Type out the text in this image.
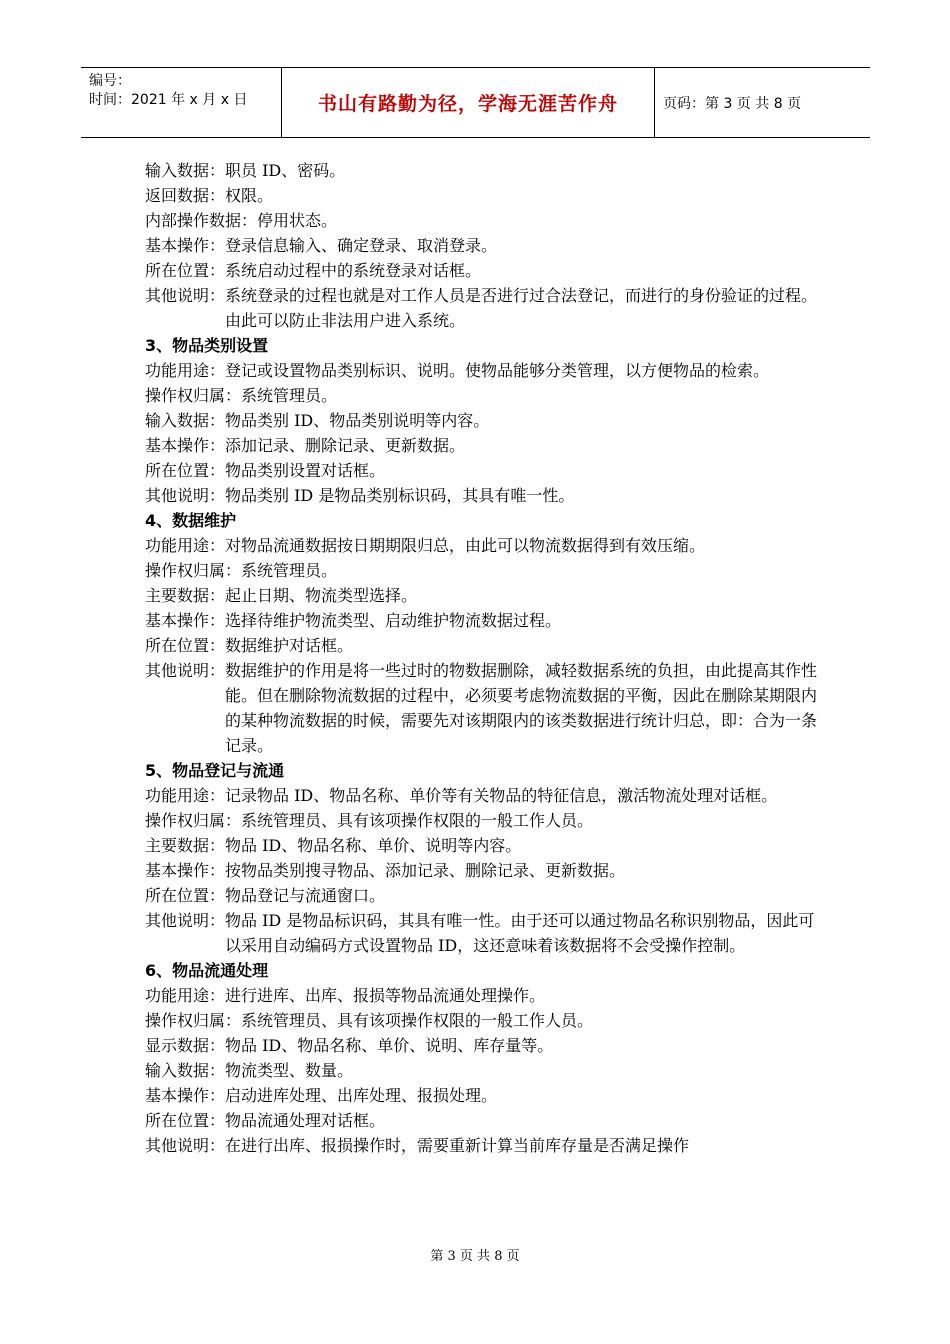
编号：
时间：2021 年 x 月 x 日	书山有路勤为径，学海无涯苦作舟	页码：第 3 页 共 8 页
输入数据： 职员 ID、密码。
返回数据： 权限。
内部操作数据： 停用状态。
基本操作： 登录信息输入、确定登录、取消登录。
所在位置： 系统启动过程中的系统登录对话框。
其他说明： 系统登录的过程也就是对工作人员是否进行过合法登记，而进行的身份验证的过程。由此可以防止非法用户进入系统。
3、物品类别设置
功能用途： 登记或设置物品类别标识、说明。使物品能够分类管理，以方便物品的检索。
操作权归属： 系统管理员。
输入数据： 物品类别 ID、物品类别说明等内容。
基本操作： 添加记录、删除记录、更新数据。
所在位置： 物品类别设置对话框。
其他说明： 物品类别 ID 是物品类别标识码，其具有唯一性。
4、数据维护
功能用途： 对物品流通数据按日期期限归总，由此可以物流数据得到有效压缩。
操作权归属： 系统管理员。
主要数据： 起止日期、物流类型选择。
基本操作： 选择待维护物流类型、启动维护物流数据过程。
所在位置： 数据维护对话框。
其他说明： 数据维护的作用是将一些过时的物数据删除，减轻数据系统的负担，由此提高其作性能。但在删除物流数据的过程中，必须要考虑物流数据的平衡，因此在删除某期限内的某种物流数据的时候，需要先对该期限内的该类数据进行统计归总，即：合为一条记录。
5、物品登记与流通
功能用途： 记录物品 ID、物品名称、单价等有关物品的特征信息，激活物流处理对话框。
操作权归属： 系统管理员、具有该项操作权限的一般工作人员。
主要数据： 物品 ID、物品名称、单价、说明等内容。
基本操作： 按物品类别搜寻物品、添加记录、删除记录、更新数据。
所在位置： 物品登记与流通窗口。
其他说明： 物品 ID 是物品标识码，其具有唯一性。由于还可以通过物品名称识别物品，因此可以采用自动编码方式设置物品 ID，这还意味着该数据将不会受操作控制。
6、物品流通处理
功能用途： 进行进库、出库、报损等物品流通处理操作。
操作权归属： 系统管理员、具有该项操作权限的一般工作人员。
显示数据： 物品 ID、物品名称、单价、说明、库存量等。
输入数据： 物流类型、数量。
基本操作： 启动进库处理、出库处理、报损处理。
所在位置： 物品流通处理对话框。
其他说明： 在进行出库、报损操作时，需要重新计算当前库存量是否满足操作
第 3 页 共 8 页
